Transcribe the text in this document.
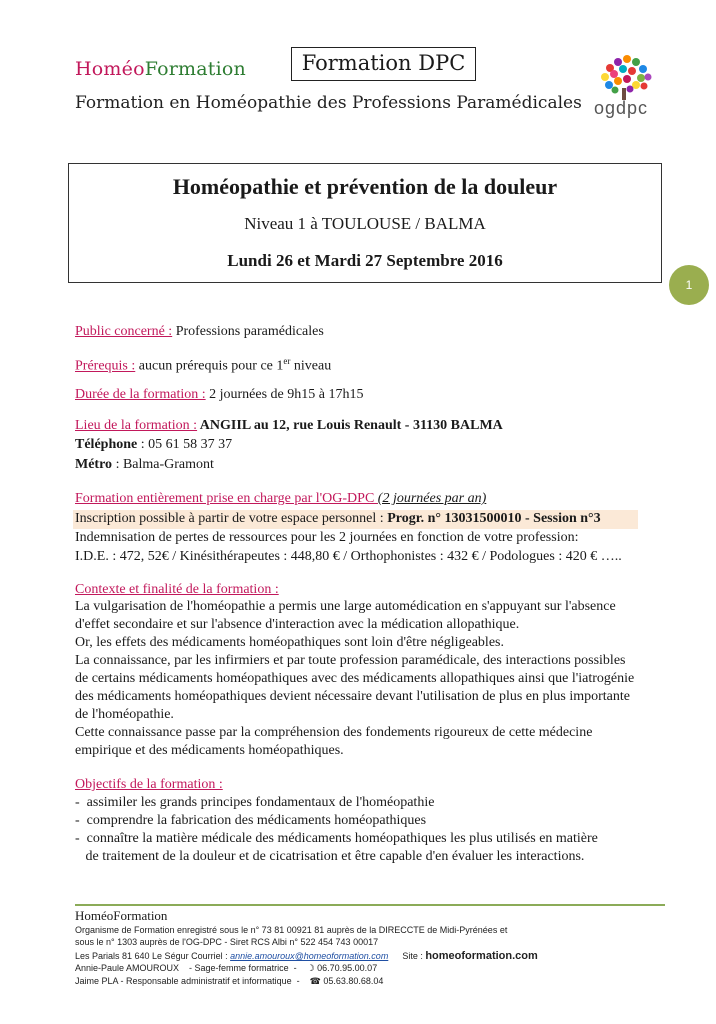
HoméoFormation	Formation DPC
Formation en Homéopathie des Professions Paramédicales ogdpc
Homéopathie et prévention de la douleur
Niveau 1 à TOULOUSE / BALMA
Lundi 26 et Mardi 27 Septembre 2016
1
Public concerné : Professions paramédicales
Prérequis : aucun prérequis pour ce 1er niveau
Durée de la formation : 2 journées de 9h15 à 17h15
Lieu de la formation : ANGIIL au 12, rue Louis Renault - 31130 BALMA
Téléphone : 05 61 58 37 37
Métro : Balma-Gramont
Formation entièrement prise en charge par l'OG-DPC (2 journées par an)
Inscription possible à partir de votre espace personnel : Progr. n° 13031500010 - Session n°3
Indemnisation de pertes de ressources pour les 2 journées en fonction de votre profession:
I.D.E. : 472, 52€ / Kinésithérapeutes : 448,80 € / Orthophonistes : 432 € / Podologues : 420 € …..
Contexte et finalité de la formation :
La vulgarisation de l'homéopathie a permis une large automédication en s'appuyant sur l'absence
d'effet secondaire et sur l'absence d'interaction avec la médication allopathique.
Or, les effets des médicaments homéopathiques sont loin d'être négligeables.
La connaissance, par les infirmiers et par toute profession paramédicale, des interactions possibles
de certains médicaments homéopathiques avec des médicaments allopathiques ainsi que l'iatrogénie
des médicaments homéopathiques devient nécessaire devant l'utilisation de plus en plus importante
de l'homéopathie.
Cette connaissance passe par la compréhension des fondements rigoureux de cette médecine
empirique et des médicaments homéopathiques.
Objectifs de la formation :
-  assimiler les grands principes fondamentaux de l'homéopathie
-  comprendre la fabrication des médicaments homéopathiques
-  connaître la matière médicale des médicaments homéopathiques les plus utilisés en matière
de traitement de la douleur et de cicatrisation et être capable d'en évaluer les interactions.
HoméoFormation
Organisme de Formation enregistré sous le n° 73 81 00921 81 auprès de la DIRECCTE de Midi-Pyrénées et
sous le n° 1303 auprès de l'OG-DPC - Siret RCS Albi n° 522 454 743 00017
Les Parials 81 640 Le Ségur Courriel : annie.amouroux@homeoformation.com Site : homeoformation.com
Annie-Paule AMOUROUX    - Sage-femme formatrice  -    ☽ 06.70.95.00.07
Jaime PLA - Responsable administratif et informatique  -    ☎ 05.63.80.68.04
